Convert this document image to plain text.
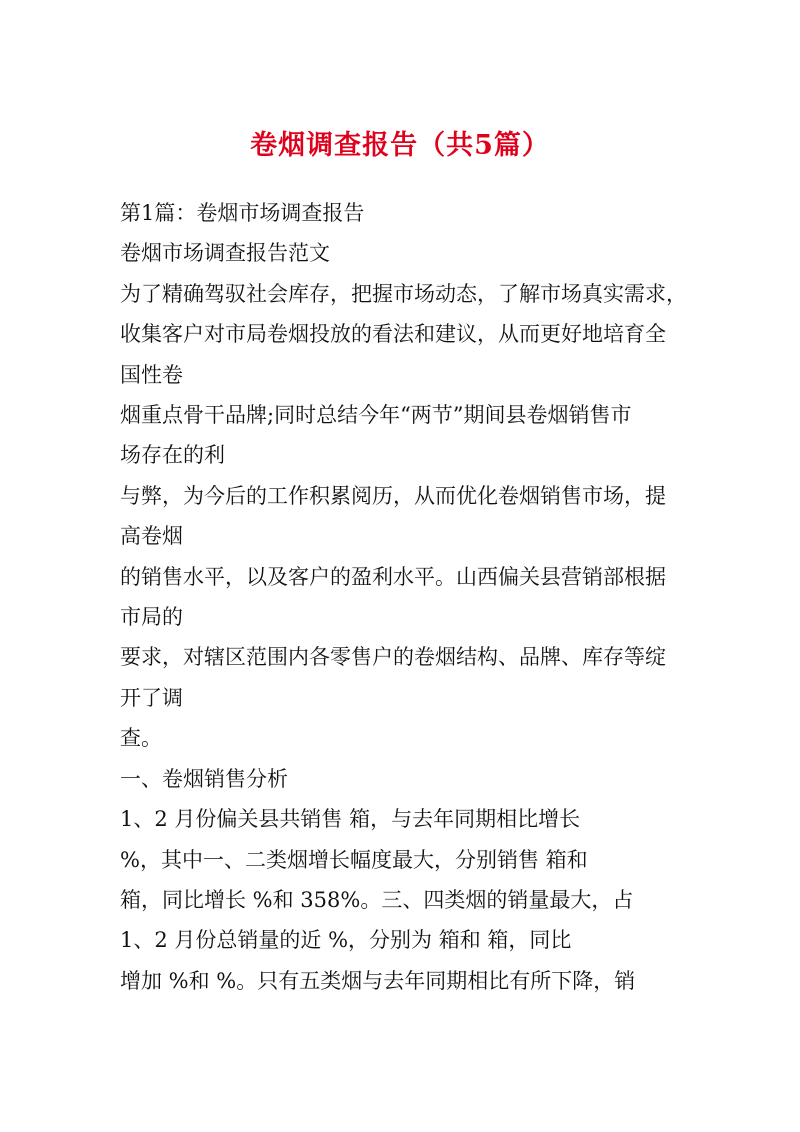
卷烟调查报告（共5篇）

第1篇：卷烟市场调查报告

卷烟市场调查报告范文

为了精确驾驭社会库存，把握市场动态，了解市场真实需求，

收集客户对市局卷烟投放的看法和建议，从而更好地培育全

国性卷

烟重点骨干品牌;同时总结今年“两节”期间县卷烟销售市

场存在的利

与弊，为今后的工作积累阅历，从而优化卷烟销售市场，提

高卷烟

的销售水平，以及客户的盈利水平。山西偏关县营销部根据

市局的

要求，对辖区范围内各零售户的卷烟结构、品牌、库存等绽

开了调

查。

一、卷烟销售分析

1、2 月份偏关县共销售 箱，与去年同期相比增长

%，其中一、二类烟增长幅度最大，分别销售 箱和

箱，同比增长 %和 358%。三、四类烟的销量最大，占

1、2 月份总销量的近 %，分别为 箱和 箱，同比

增加 %和 %。只有五类烟与去年同期相比有所下降，销
